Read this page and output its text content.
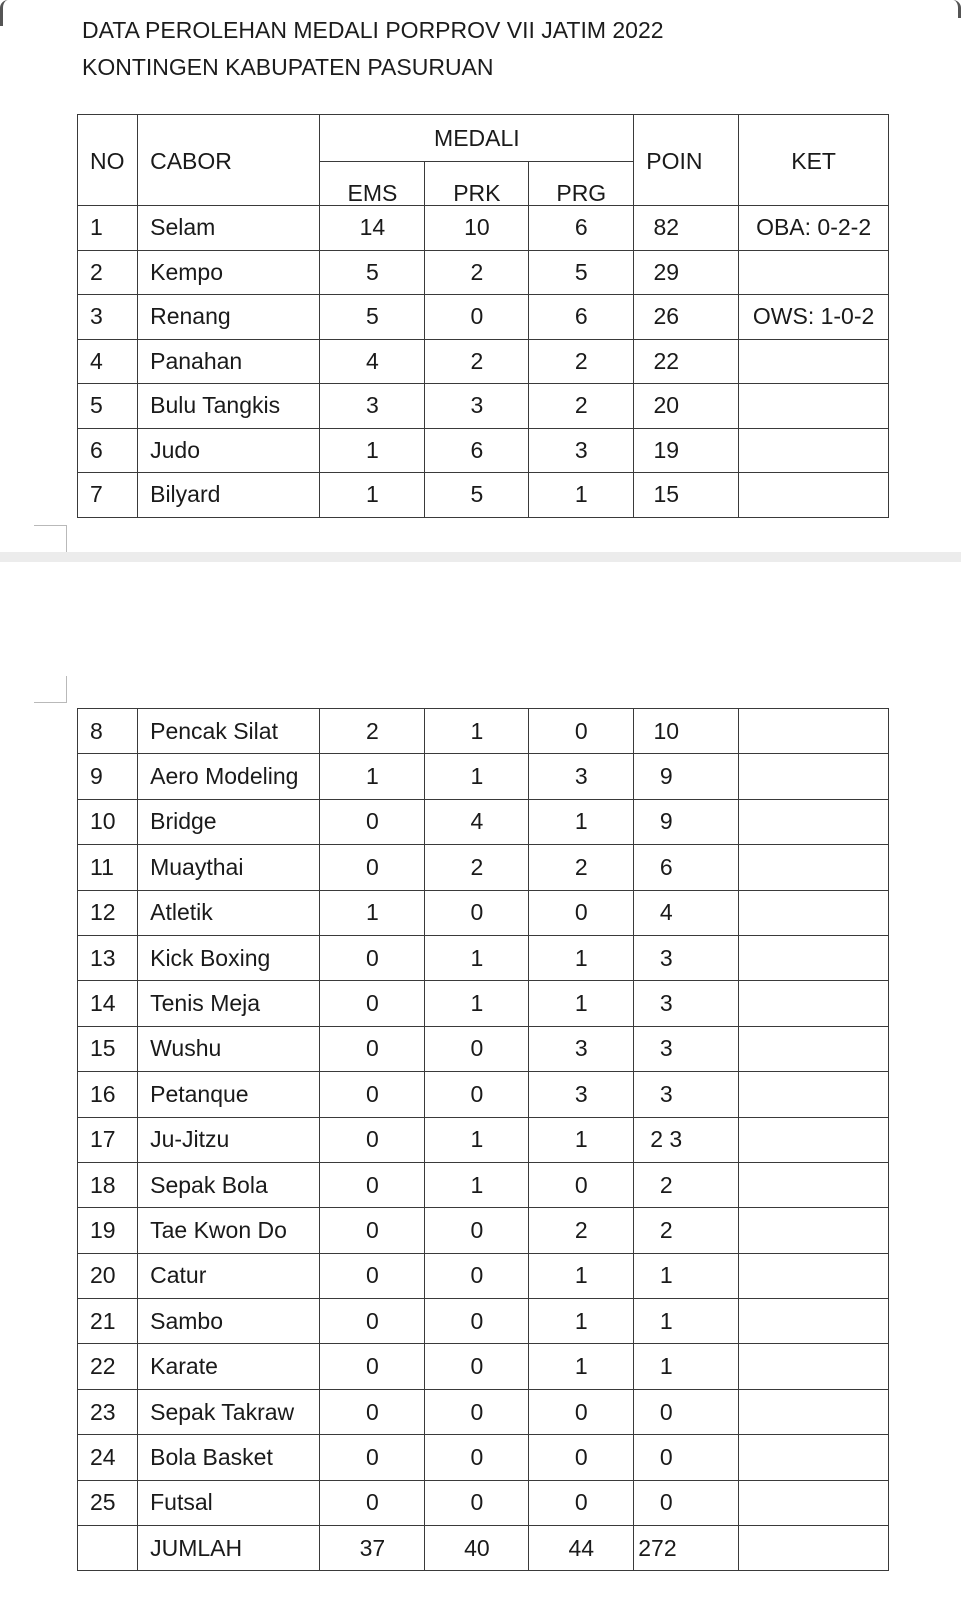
DATA PEROLEHAN MEDALI PORPROV VII JATIM 2022
KONTINGEN KABUPATEN PASURUAN
NO	CABOR	MEDALI			POIN	KET
		EMS	PRK	PRG		
1	Selam	14	10	6	82	OBA: 0-2-2
2	Kempo	5	2	5	29	
3	Renang	5	0	6	26	OWS: 1-0-2
4	Panahan	4	2	2	22	
5	Bulu Tangkis	3	3	2	20	
6	Judo	1	6	3	19	
7	Bilyard	1	5	1	15	
8	Pencak Silat	2	1	0	10	
9	Aero Modeling	1	1	3	9	
10	Bridge	0	4	1	9	
11	Muaythai	0	2	2	6	
12	Atletik	1	0	0	4	
13	Kick Boxing	0	1	1	3	
14	Tenis Meja	0	1	1	3	
15	Wushu	0	0	3	3	
16	Petanque	0	0	3	3	
17	Ju-Jitzu	0	1	1	2 3	
18	Sepak Bola	0	1	0	2	
19	Tae Kwon Do	0	0	2	2	
20	Catur	0	0	1	1	
21	Sambo	0	0	1	1	
22	Karate	0	0	1	1	
23	Sepak Takraw	0	0	0	0	
24	Bola Basket	0	0	0	0	
25	Futsal	0	0	0	0	
	JUMLAH	37	40	44	272	
